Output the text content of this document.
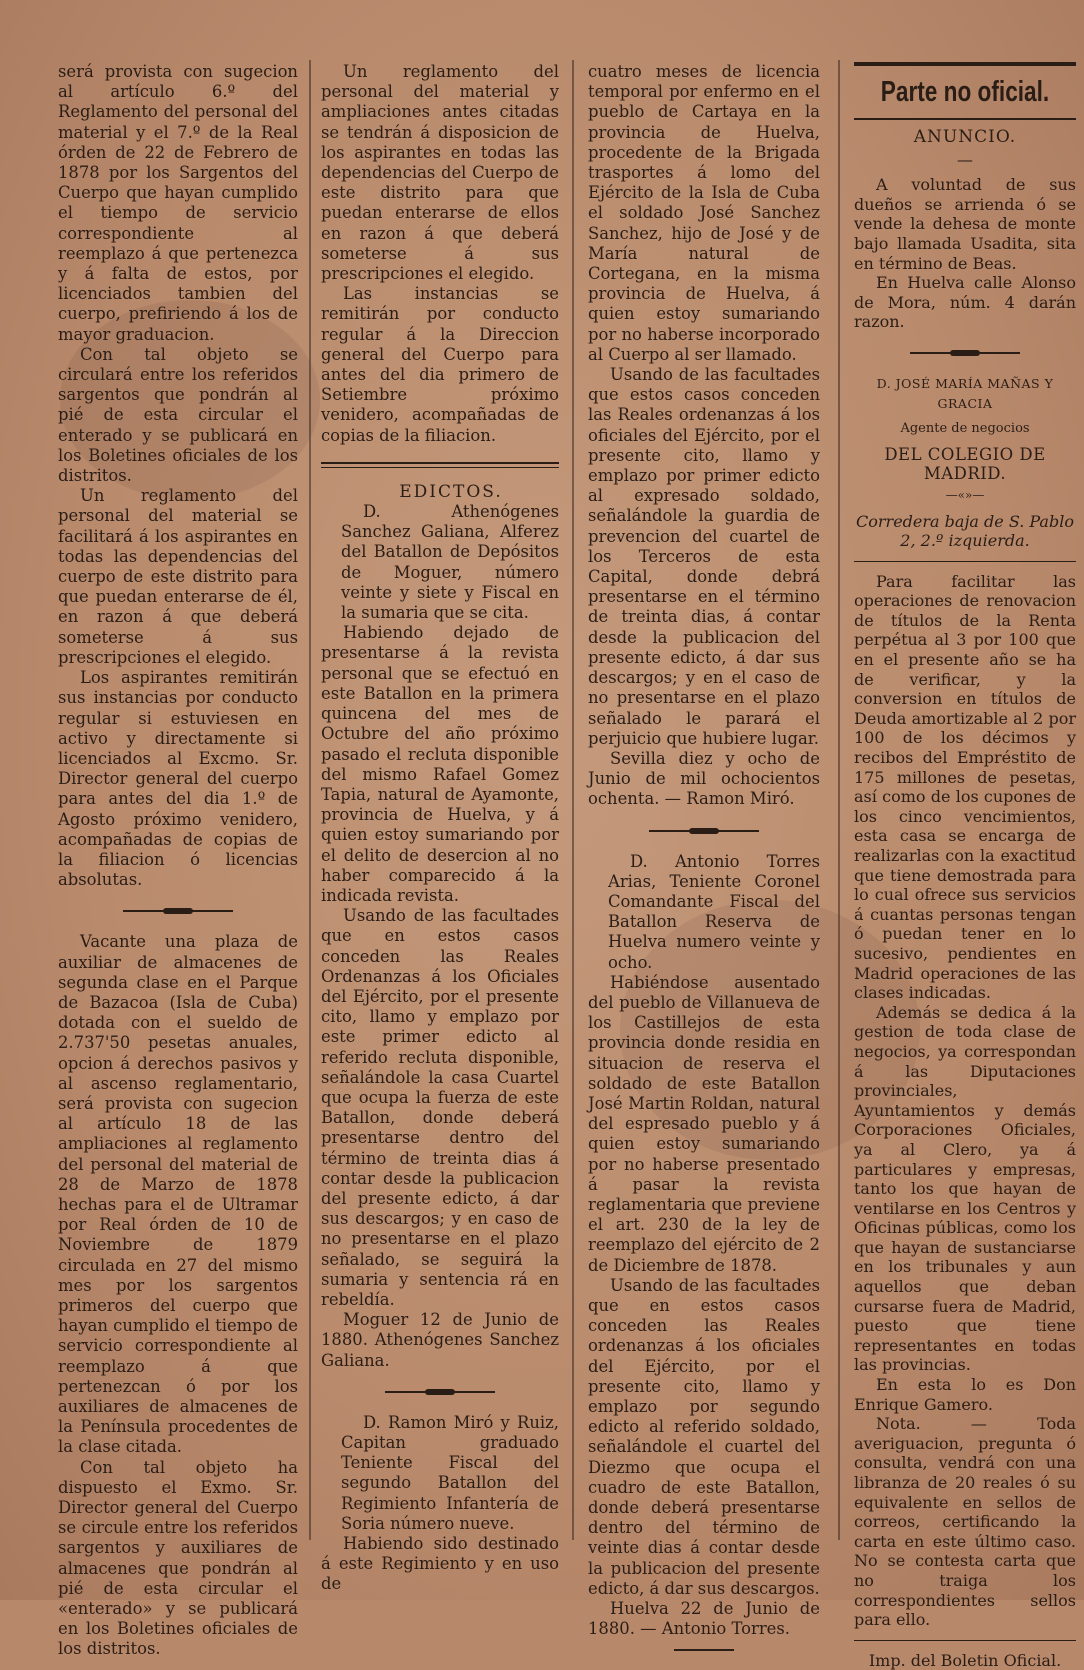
será provista con sugecion al artículo 6.º del Reglamento del personal del material y el 7.º de la Real órden de 22 de Febrero de 1878 por los Sargentos del Cuerpo que hayan cumplido el tiempo de servicio correspondiente al reemplazo á que pertenezca y á falta de estos, por licenciados tambien del cuerpo, prefiriendo á los de mayor graduacion.

Con tal objeto se circulará entre los referidos sargentos que pondrán al pié de esta circular el enterado y se publicará en los Boletines oficiales de los distritos.

Un reglamento del personal del material se facilitará á los aspirantes en todas las dependencias del cuerpo de este distrito para que puedan enterarse de él, en razon á que deberá someterse á sus prescripciones el elegido.

Los aspirantes remitirán sus instancias por conducto regular si estuviesen en activo y directamente si licenciados al Excmo. Sr. Director general del cuerpo para antes del dia 1.º de Agosto próximo venidero, acompañadas de copias de la filiacion ó licencias absolutas.

Vacante una plaza de auxiliar de almacenes de segunda clase en el Parque de Bazacoa (Isla de Cuba) dotada con el sueldo de 2.737'50 pesetas anuales, opcion á derechos pasivos y al ascenso reglamentario, será provista con sugecion al artículo 18 de las ampliaciones al reglamento del personal del material de 28 de Marzo de 1878 hechas para el de Ultramar por Real órden de 10 de Noviembre de 1879 circulada en 27 del mismo mes por los sargentos primeros del cuerpo que hayan cumplido el tiempo de servicio correspondiente al reemplazo á que pertenezcan ó por los auxiliares de almacenes de la Península procedentes de la clase citada.

Con tal objeto ha dispuesto el Exmo. Sr. Director general del Cuerpo se circule entre los referidos sargentos y auxiliares de almacenes que pondrán al pié de esta circular el «enterado» y se publicará en los Boletines oficiales de los distritos.

Un reglamento del personal del material y ampliaciones antes citadas se tendrán á disposicion de los aspirantes en todas las dependencias del Cuerpo de este distrito para que puedan enterarse de ellos en razon á que deberá someterse á sus prescripciones el elegido.

Las instancias se remitirán por conducto regular á la Direccion general del Cuerpo para antes del dia primero de Setiembre próximo venidero, acompañadas de copias de la filiacion.

EDICTOS.

D. Athenógenes Sanchez Galiana, Alferez del Batallon de Depósitos de Moguer, número veinte y siete y Fiscal en la sumaria que se cita.

Habiendo dejado de presentarse á la revista personal que se efectuó en este Batallon en la primera quincena del mes de Octubre del año próximo pasado el recluta disponible del mismo Rafael Gomez Tapia, natural de Ayamonte, provincia de Huelva, y á quien estoy sumariando por el delito de desercion al no haber comparecido á la indicada revista.

Usando de las facultades que en estos casos conceden las Reales Ordenanzas á los Oficiales del Ejército, por el presente cito, llamo y emplazo por este primer edicto al referido recluta disponible, señalándole la casa Cuartel que ocupa la fuerza de este Batallon, donde deberá presentarse dentro del término de treinta dias á contar desde la publicacion del presente edicto, á dar sus descargos; y en caso de no presentarse en el plazo señalado, se seguirá la sumaria y sentencia rá en rebeldía.

Moguer 12 de Junio de 1880. Athenógenes Sanchez Galiana.

D. Ramon Miró y Ruiz, Capitan graduado Teniente Fiscal del segundo Batallon del Regimiento Infantería de Soria número nueve.

Habiendo sido destinado á este Regimiento y en uso de

cuatro meses de licencia temporal por enfermo en el pueblo de Cartaya en la provincia de Huelva, procedente de la Brigada trasportes á lomo del Ejército de la Isla de Cuba el soldado José Sanchez Sanchez, hijo de José y de María natural de Cortegana, en la misma provincia de Huelva, á quien estoy sumariando por no haberse incorporado al Cuerpo al ser llamado.

Usando de las facultades que estos casos conceden las Reales ordenanzas á los oficiales del Ejército, por el presente cito, llamo y emplazo por primer edicto al expresado soldado, señalándole la guardia de prevencion del cuartel de los Terceros de esta Capital, donde debrá presentarse en el término de treinta dias, á contar desde la publicacion del presente edicto, á dar sus descargos; y en el caso de no presentarse en el plazo señalado le parará el perjuicio que hubiere lugar.

Sevilla diez y ocho de Junio de mil ochocientos ochenta. — Ramon Miró.

D. Antonio Torres Arias, Teniente Coronel Comandante Fiscal del Batallon Reserva de Huelva numero veinte y ocho.

Habiéndose ausentado del pueblo de Villanueva de los Castillejos de esta provincia donde residia en situacion de reserva el soldado de este Batallon José Martin Roldan, natural del espresado pueblo y á quien estoy sumariando por no haberse presentado á pasar la revista reglamentaria que previene el art. 230 de la ley de reemplazo del ejército de 2 de Diciembre de 1878.

Usando de las facultades que en estos casos conceden las Reales ordenanzas á los oficiales del Ejército, por el presente cito, llamo y emplazo por segundo edicto al referido soldado, señalándole el cuartel del Diezmo que ocupa el cuadro de este Batallon, donde deberá presentarse dentro del término de veinte dias á contar desde la publicacion del presente edicto, á dar sus descargos.

Huelva 22 de Junio de 1880. — Antonio Torres.

Parte no oficial.
ANUNCIO.
—

A voluntad de sus dueños se arrienda ó se vende la dehesa de monte bajo llamada Usadita, sita en término de Beas.

En Huelva calle Alonso de Mora, núm. 4 darán razon.

D. JOSÉ MARÍA MAÑAS Y GRACIA
Agente de negocios
DEL COLEGIO DE MADRID.
—«»—
Corredera baja de S. Pablo 2, 2.º izquierda.

Para facilitar las operaciones de renovacion de títulos de la Renta perpétua al 3 por 100 que en el presente año se ha de verificar, y la conversion en títulos de Deuda amortizable al 2 por 100 de los décimos y recibos del Empréstito de 175 millones de pesetas, así como de los cupones de los cinco vencimientos, esta casa se encarga de realizarlas con la exactitud que tiene demostrada para lo cual ofrece sus servicios á cuantas personas tengan ó puedan tener en lo sucesivo, pendientes en Madrid operaciones de las clases indicadas.

Además se dedica á la gestion de toda clase de negocios, ya correspondan á las Diputaciones provinciales, Ayuntamientos y demás Corporaciones Oficiales, ya al Clero, ya á particulares y empresas, tanto los que hayan de ventilarse en los Centros y Oficinas públicas, como los que hayan de sustanciarse en los tribunales y aun aquellos que deban cursarse fuera de Madrid, puesto que tiene representantes en todas las provincias.

En esta lo es Don Enrique Gamero.

Nota. — Toda averiguacion, pregunta ó consulta, vendrá con una libranza de 20 reales ó su equivalente en sellos de correos, certificando la carta en este último caso. No se contesta carta que no traiga los correspondientes sellos para ello.

Imp. del Boletin Oficial.
